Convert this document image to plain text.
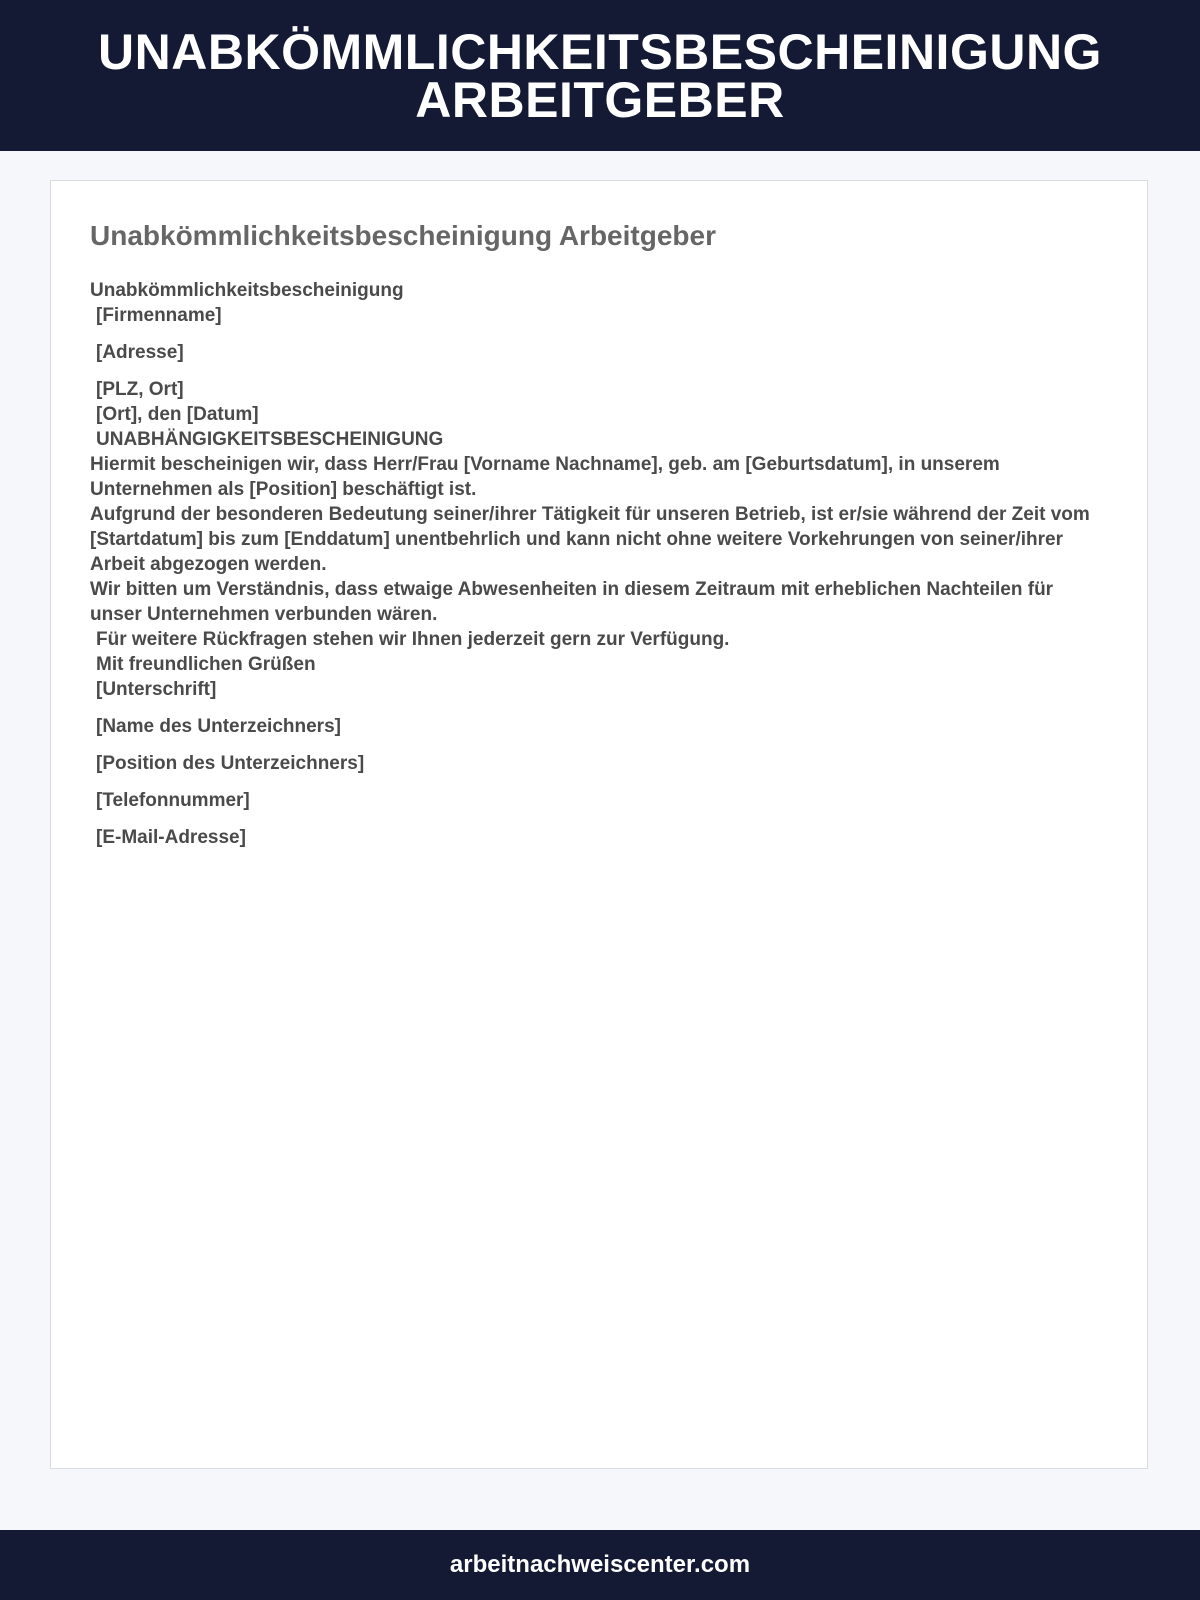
UNABKÖMMLICHKEITSBESCHEINIGUNG ARBEITGEBER
Unabkömmlichkeitsbescheinigung Arbeitgeber
Unabkömmlichkeitsbescheinigung
[Firmenname]
[Adresse]
[PLZ, Ort]
[Ort], den [Datum]
UNABHÄNGIGKEITSBESCHEINIGUNG
Hiermit bescheinigen wir, dass Herr/Frau [Vorname Nachname], geb. am [Geburtsdatum], in unserem Unternehmen als [Position] beschäftigt ist.
Aufgrund der besonderen Bedeutung seiner/ihrer Tätigkeit für unseren Betrieb, ist er/sie während der Zeit vom [Startdatum] bis zum [Enddatum] unentbehrlich und kann nicht ohne weitere Vorkehrungen von seiner/ihrer Arbeit abgezogen werden.
Wir bitten um Verständnis, dass etwaige Abwesenheiten in diesem Zeitraum mit erheblichen Nachteilen für unser Unternehmen verbunden wären.
Für weitere Rückfragen stehen wir Ihnen jederzeit gern zur Verfügung.
Mit freundlichen Grüßen
[Unterschrift]
[Name des Unterzeichners]
[Position des Unterzeichners]
[Telefonnummer]
[E-Mail-Adresse]
arbeitnachweiscenter.com
